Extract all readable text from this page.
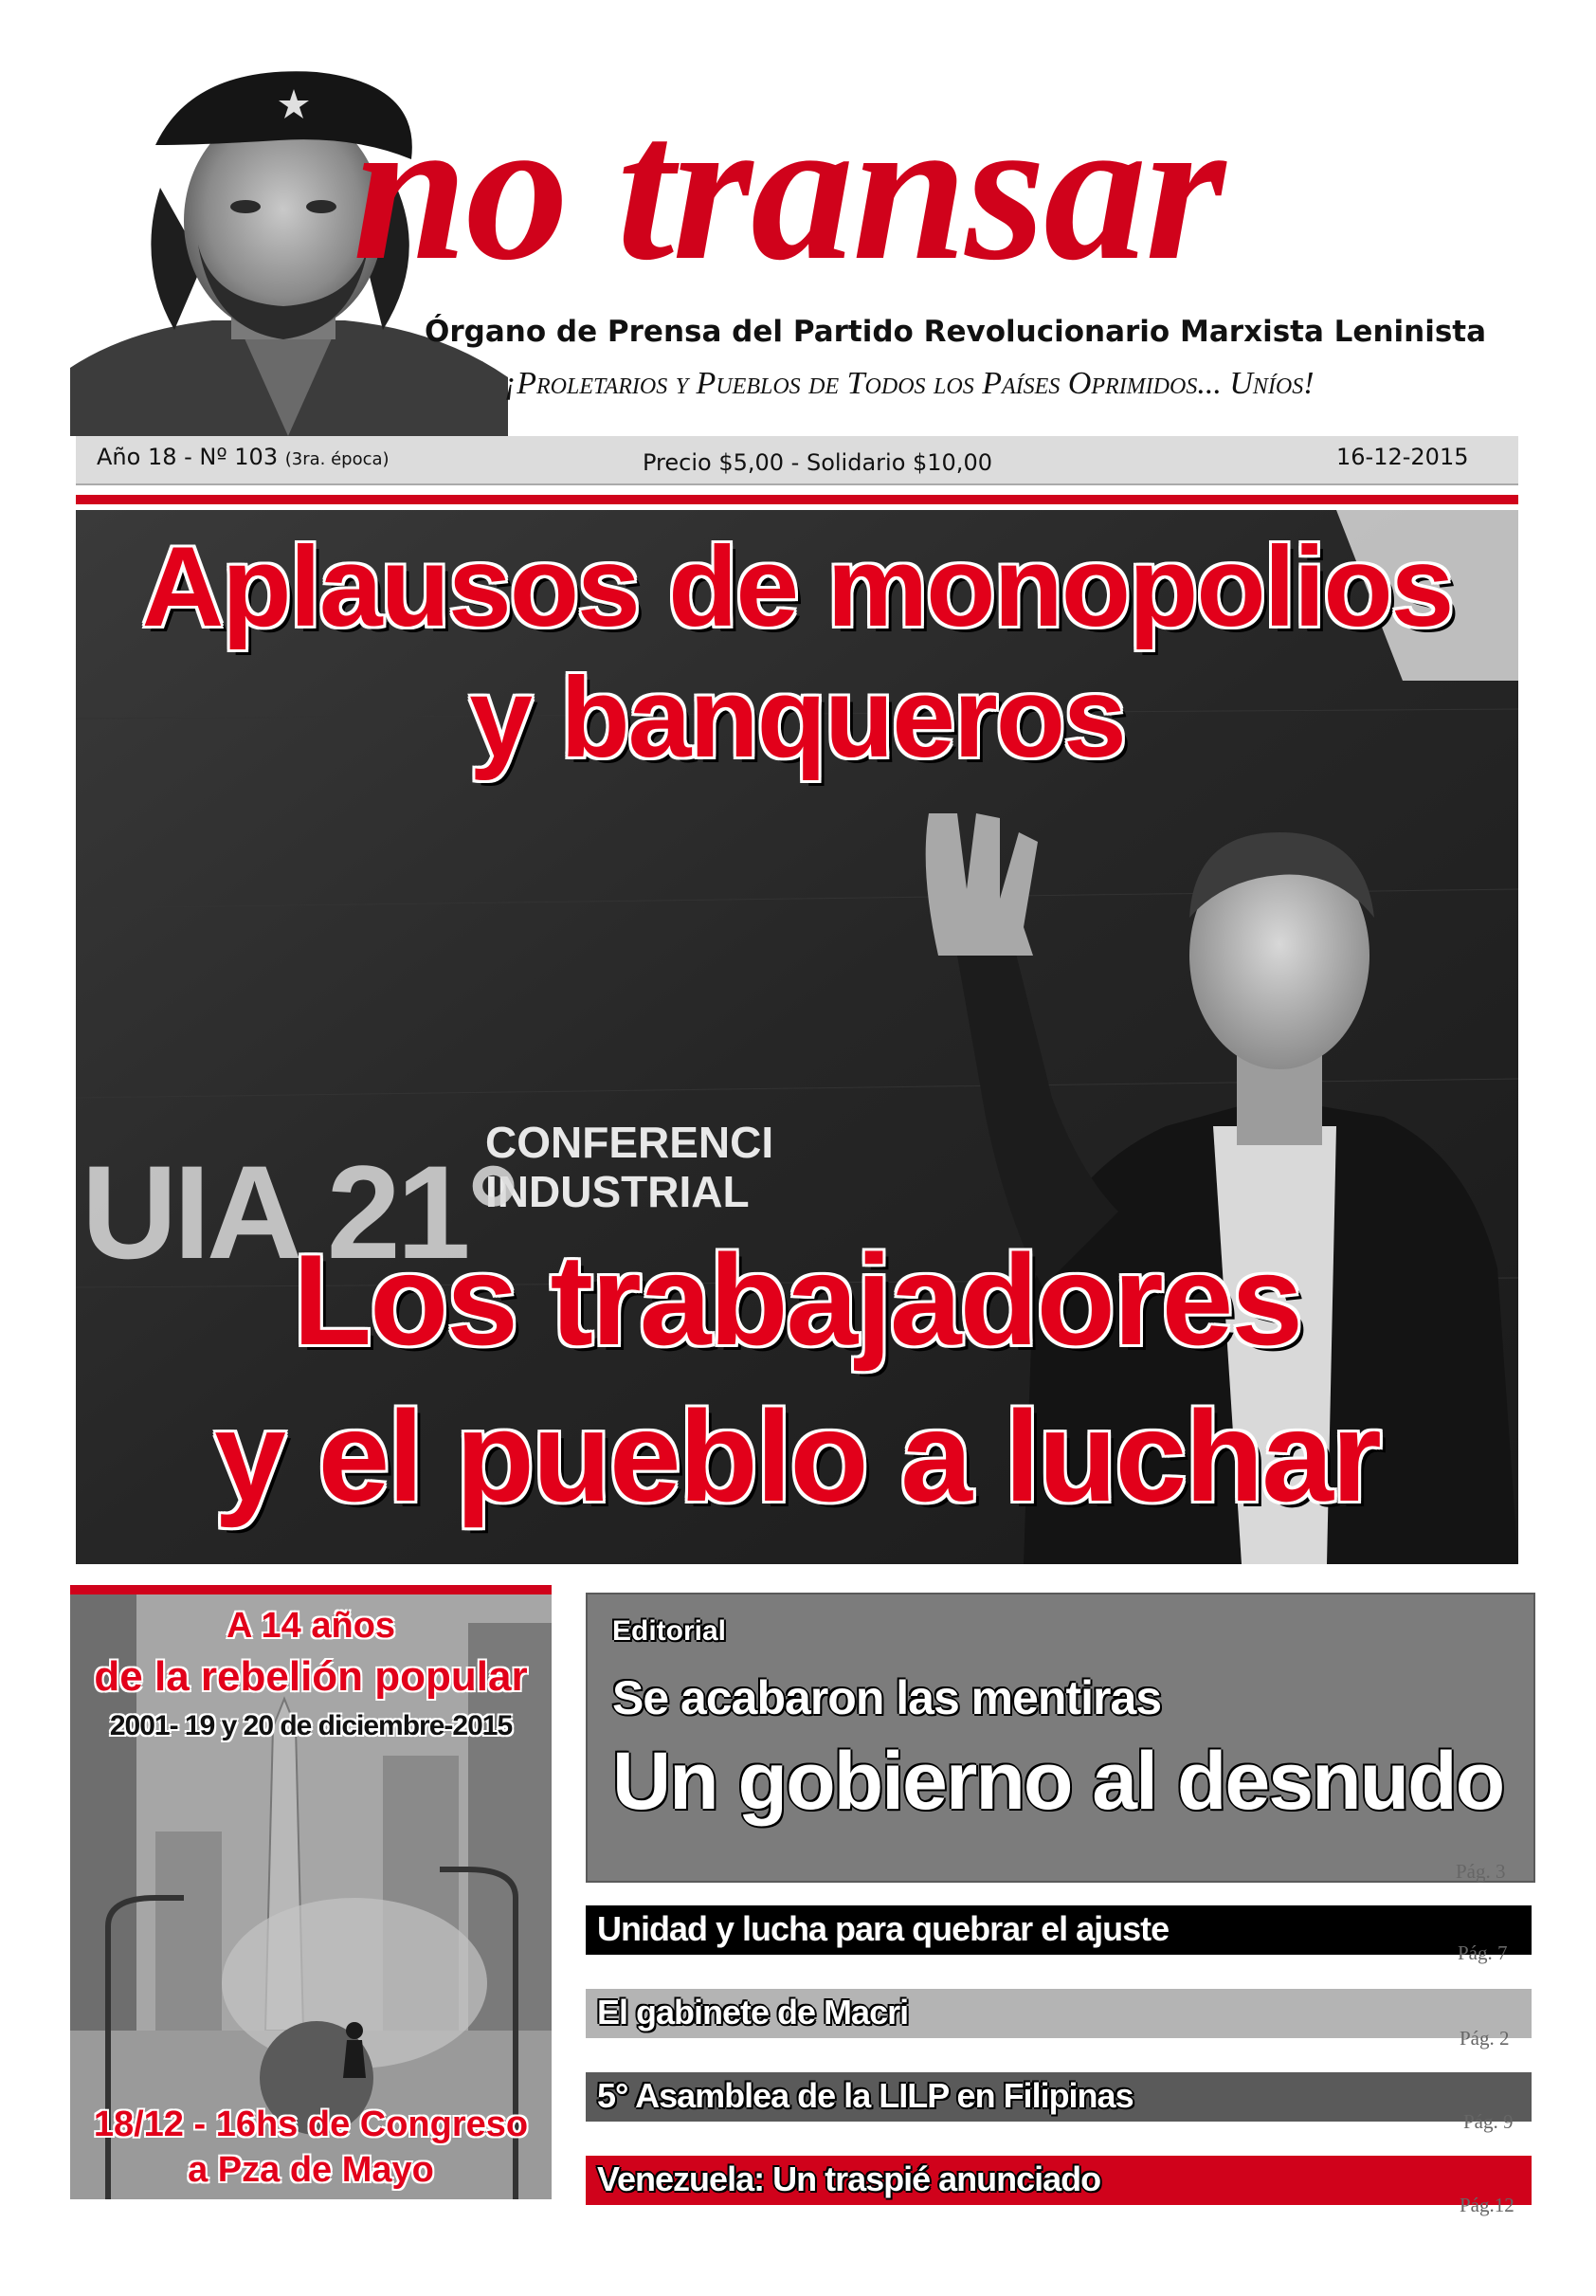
no transar
Órgano de Prensa del Partido Revolucionario Marxista Leninista
¡Proletarios y Pueblos de Todos los Países Oprimidos... Uníos!
Año 18 - Nº 103 (3ra. época)	Precio $5,00 - Solidario $10,00	16-12-2015
CONFERENCI
INDUSTRIAL
UIA 21°
Aplausos de monopolios
y banqueros
Los trabajadores
y el pueblo a luchar
A 14 años
de la rebelión popular
2001- 19 y 20 de diciembre-2015
18/12 - 16hs de Congreso
a Pza de Mayo
Editorial
Se acabaron las mentiras
Un gobierno al desnudo
Pág. 3
Unidad y lucha para quebrar el ajuste
Pág. 7
El gabinete de Macri
Pág. 2
5° Asamblea de la LILP en Filipinas
Pág. 9
Venezuela: Un traspié anunciado
Pág.12
